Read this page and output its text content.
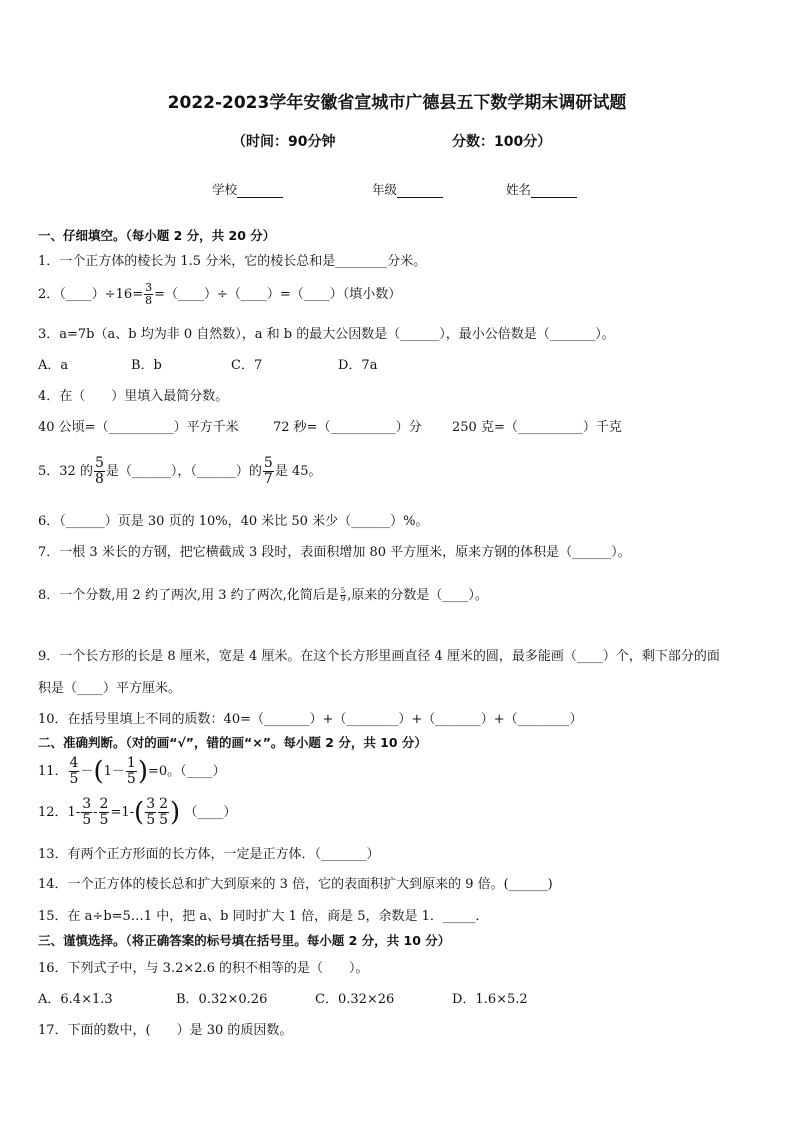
2022-2023学年安徽省宣城市广德县五下数学期末调研试题
（时间：90分钟	分数：100分）
学校	年级	姓名
一、仔细填空。（每小题 2 分，共 20 分）
1．一个正方体的棱长为 1.5 分米，它的棱长总和是________分米。
2．（____）÷16= $\frac{3}{8}$ =（____）÷（____）=（____）（填小数）
3．a=7b（a、b 均为非 0 自然数），a 和 b 的最大公因数是（______），最小公倍数是（_______）。
A．a	B．b	C．7	D．7a
4．在（　　）里填入最简分数。
40 公顷=（__________）平方千米	72 秒=（__________）分 250 克=（__________）千克
5．32 的 $\frac{5}{8}$ 是（______），（______）的 $\frac{5}{7}$ 是 45。
6．（______）页是 30 页的 10%，40 米比 50 米少（______）%。
7．一根 3 米长的方钢，把它横截成 3 段时，表面积增加 80 平方厘米，原来方钢的体积是（______）。
8．一个分数,用 2 约了两次,用 3 约了两次,化简后是 $\frac{5}{9}$ ,原来的分数是（____）。
9．一个长方形的长是 8 厘米，宽是 4 厘米。在这个长方形里画直径 4 厘米的圆，最多能画（____）个，剩下部分的面
积是（____）平方厘米。
10．在括号里填上不同的质数：40=（_______）+（________）+（_______）+（________）
二、准确判断。（对的画“√”，错的画“×”。每小题 2 分，共 10 分）
11． $\frac{4}{5} -(1- \frac{1}{5} )=0$。（____）
12．$1- \frac{3}{5} - \frac{2}{5} =1-( \frac{3}{5} \frac{2}{5}$ ) （____）
13．有两个正方形面的长方体，一定是正方体．（_______）
14．一个正方体的棱长总和扩大到原来的 3 倍，它的表面积扩大到原来的 9 倍。(______)
15．在 a÷b=5…1 中，把 a、b 同时扩大 1 倍，商是 5，余数是 1．_____．
三、谨慎选择。（将正确答案的标号填在括号里。每小题 2 分，共 10 分）
16．下列式子中，与 3.2×2.6 的积不相等的是（　　）。
A．6.4×1.3	B．0.32×0.26	C．0.32×26	D．1.6×5.2
17．下面的数中，(　　）是 30 的质因数。
